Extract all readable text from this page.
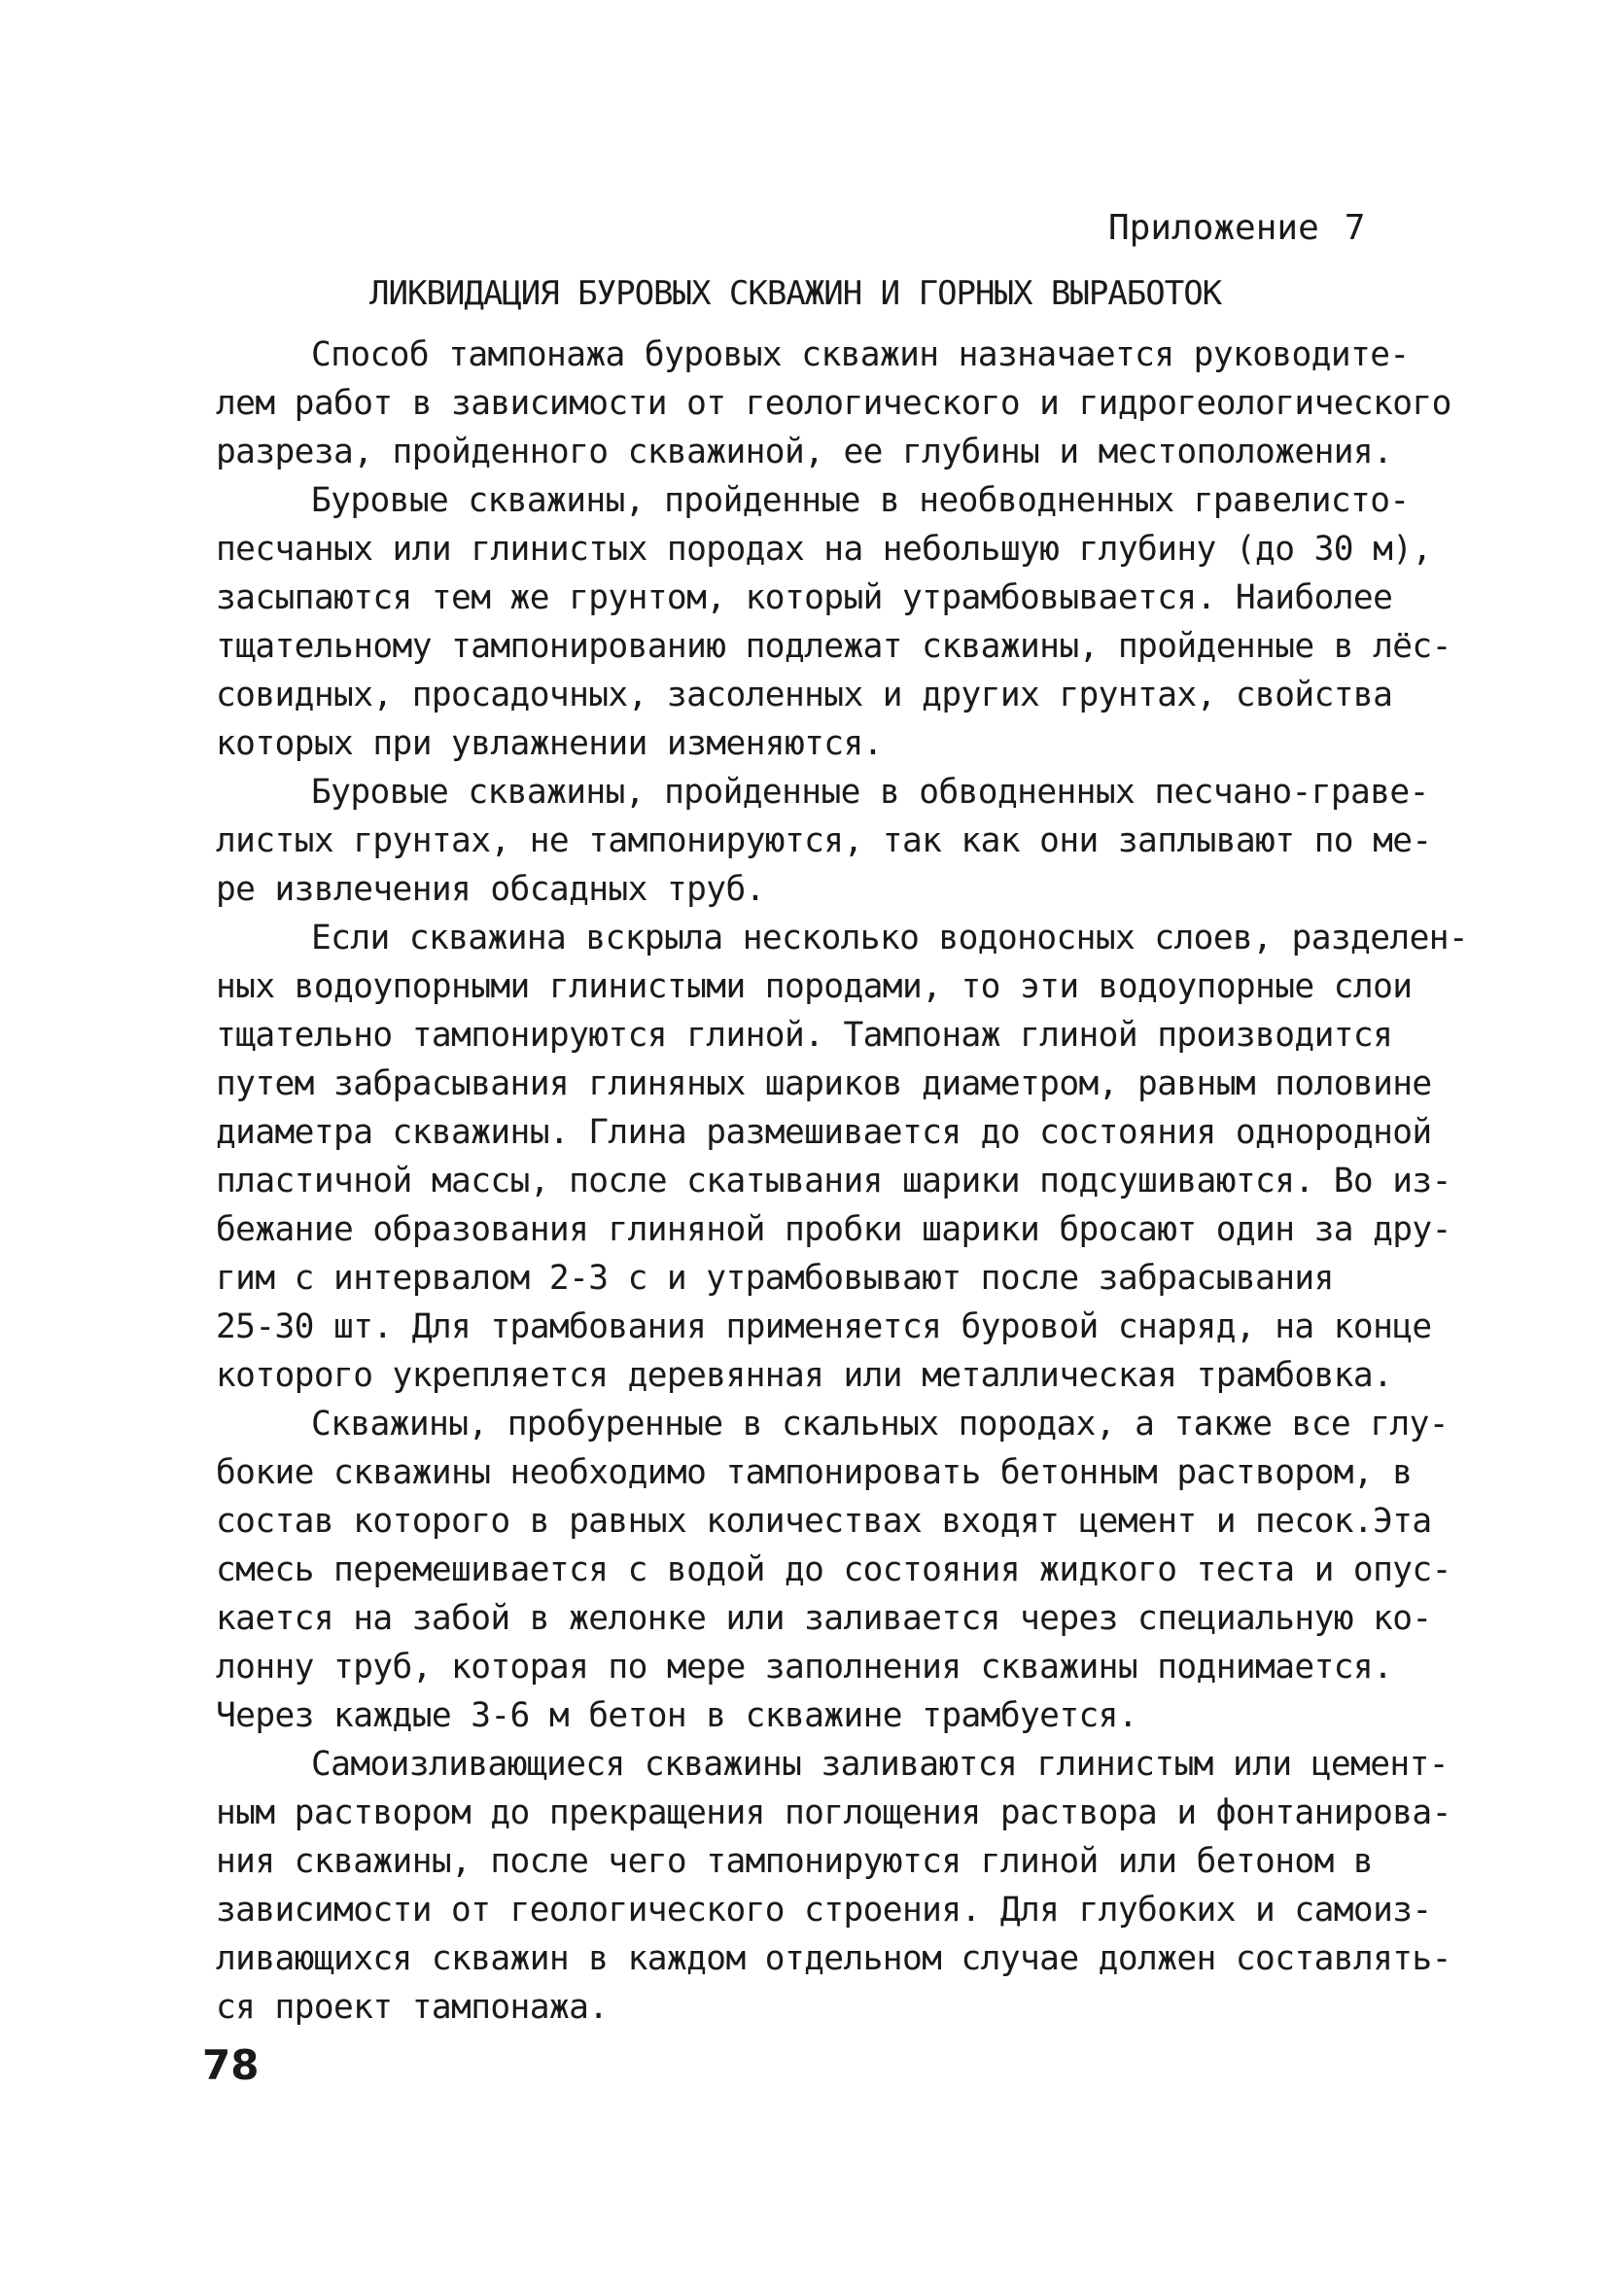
Приложение 7
ЛИКВИДАЦИЯ БУРОВЫХ СКВАЖИН И ГОРНЫХ ВЫРАБОТОК
Способ тампонажа буровых скважин назначается руководите-
лем работ в зависимости от геологического и гидрогеологического
разреза, пройденного скважиной, ее глубины и местоположения.
Буровые скважины, пройденные в необводненных гравелисто-
песчаных или глинистых породах на небольшую глубину (до 30 м),
засыпаются тем же грунтом, который утрамбовывается. Наиболее
тщательному тампонированию подлежат скважины, пройденные в лёс-
совидных, просадочных, засоленных и других грунтах, свойства
которых при увлажнении изменяются.
Буровые скважины, пройденные в обводненных песчано-граве-
листых грунтах, не тампонируются, так как они заплывают по ме-
ре извлечения обсадных труб.
Если скважина вскрыла несколько водоносных слоев, разделен-
ных водоупорными глинистыми породами, то эти водоупорные слои
тщательно тампонируются глиной. Тампонаж глиной производится
путем забрасывания глиняных шариков диаметром, равным половине
диаметра скважины. Глина размешивается до состояния однородной
пластичной массы, после скатывания шарики подсушиваются. Во из-
бежание образования глиняной пробки шарики бросают один за дру-
гим с интервалом 2-3 с и утрамбовывают после забрасывания
25-30 шт. Для трамбования применяется буровой снаряд, на конце
которого укрепляется деревянная или металлическая трамбовка.
Скважины, пробуренные в скальных породах, а также все глу-
бокие скважины необходимо тампонировать бетонным раствором, в
состав которого в равных количествах входят цемент и песок.Эта
смесь перемешивается с водой до состояния жидкого теста и опус-
кается на забой в желонке или заливается через специальную ко-
лонну труб, которая по мере заполнения скважины поднимается.
Через каждые 3-6 м бетон в скважине трамбуется.
Самоизливающиеся скважины заливаются глинистым или цемент-
ным раствором до прекращения поглощения раствора и фонтанирова-
ния скважины, после чего тампонируются глиной или бетоном в
зависимости от геологического строения. Для глубоких и самоиз-
ливающихся скважин в каждом отдельном случае должен составлять-
ся проект тампонажа.
78
